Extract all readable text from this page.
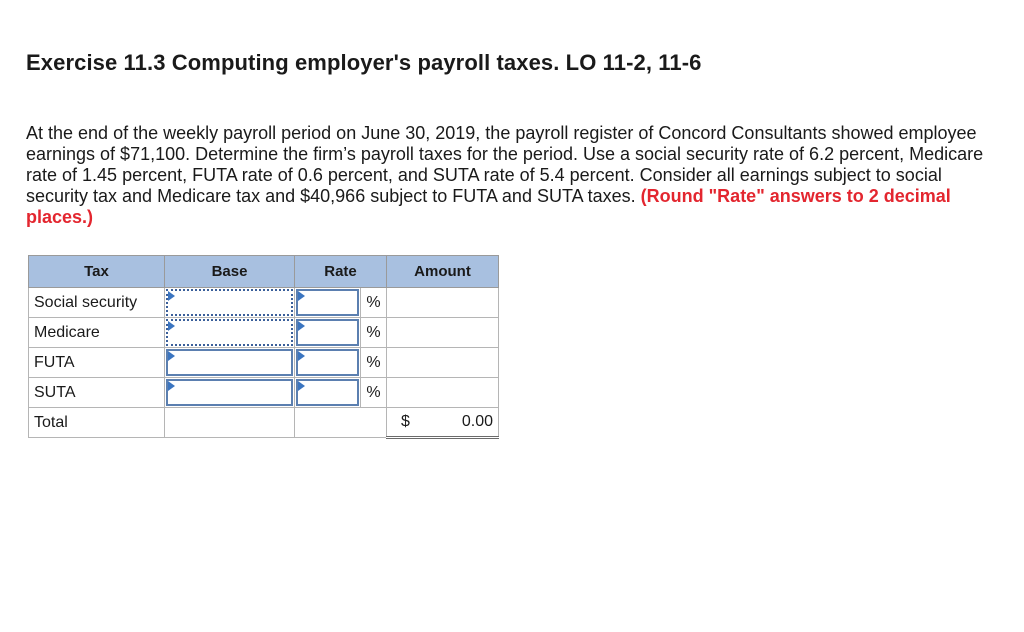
Exercise 11.3 Computing employer's payroll taxes. LO 11-2, 11-6

At the end of the weekly payroll period on June 30, 2019, the payroll register of Concord Consultants showed employee earnings of $71,100. Determine the firm’s payroll taxes for the period. Use a social security rate of 6.2 percent, Medicare rate of 1.45 percent, FUTA rate of 0.6 percent, and SUTA rate of 5.4 percent. Consider all earnings subject to social security tax and Medicare tax and $40,966 subject to FUTA and SUTA taxes. (Round "Rate" answers to 2 decimal places.)

Tax	Base	Rate		Amount
Social security			%	
Medicare			%	
FUTA			%	
SUTA			%	
Total				$ 0.00
